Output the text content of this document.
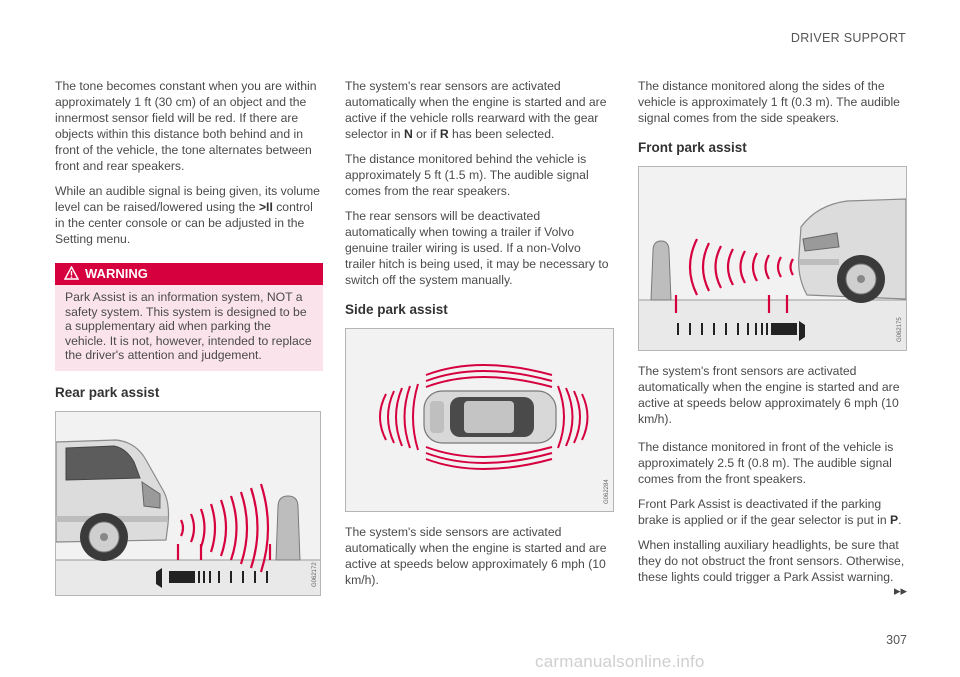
DRIVER SUPPORT

The tone becomes constant when you are within approximately 1 ft (30 cm) of an object and the innermost sensor field will be red. If there are objects within this distance both behind and in front of the vehicle, the tone alternates between front and rear speakers.

While an audible signal is being given, its volume level can be raised/lowered using the >II control in the center console or can be adjusted in the Setting menu.

WARNING
Park Assist is an information system, NOT a safety system. This system is designed to be a supplementary aid when parking the vehicle. It is not, however, intended to replace the driver's attention and judgement.
Rear park assist
G062172

The system's rear sensors are activated automatically when the engine is started and are active if the vehicle rolls rearward with the gear selector in N or if R has been selected.

The distance monitored behind the vehicle is approximately 5 ft (1.5 m). The audible signal comes from the rear speakers.

The rear sensors will be deactivated automatically when towing a trailer if Volvo genuine trailer wiring is used. If a non-Volvo trailer hitch is being used, it may be necessary to switch off the system manually.

Side park assist
G062284

The system's side sensors are activated automatically when the engine is started and are active at speeds below approximately 6 mph (10 km/h).

The distance monitored along the sides of the vehicle is approximately 1 ft (0.3 m). The audible signal comes from the side speakers.

Front park assist
G062175

The system's front sensors are activated automatically when the engine is started and are active at speeds below approximately 6 mph (10 km/h).

The distance monitored in front of the vehicle is approximately 2.5 ft (0.8 m). The audible signal comes from the front speakers.

Front Park Assist is deactivated if the parking brake is applied or if the gear selector is put in P.

When installing auxiliary headlights, be sure that they do not obstruct the front sensors. Otherwise, these lights could trigger a Park Assist warning.

▸▸
307
carmanualsonline.info
